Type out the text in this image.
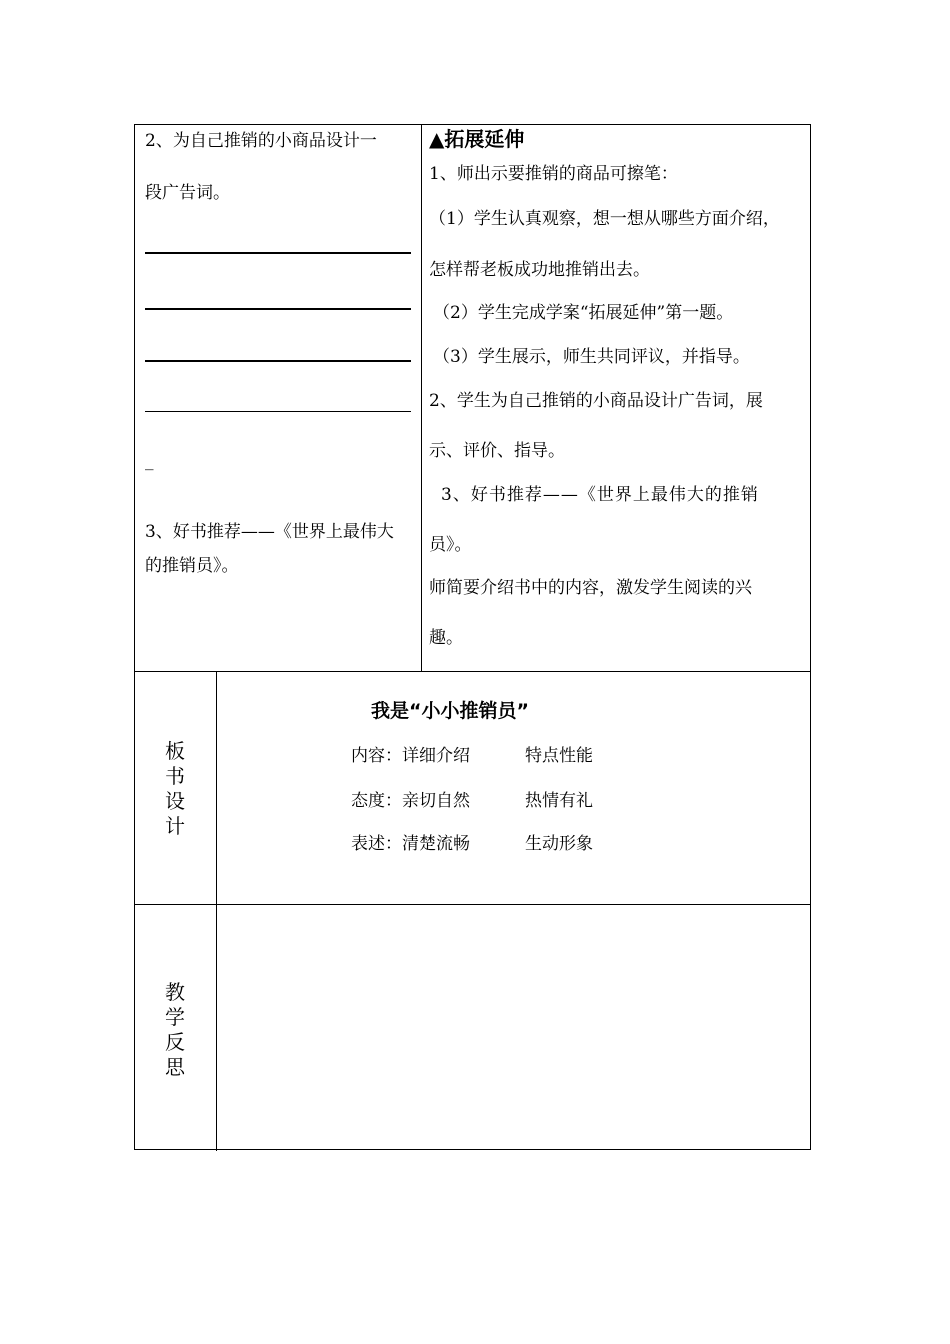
2、为自己推销的小商品设计一
段广告词。
_
3、好书推荐——《世界上最伟大
的推销员》。
▲拓展延伸
1、师出示要推销的商品可擦笔：
（1）学生认真观察，想一想从哪些方面介绍，
怎样帮老板成功地推销出去。
（2）学生完成学案“拓展延伸”第一题。
（3）学生展示，师生共同评议，并指导。
2、学生为自己推销的小商品设计广告词，展
示、评价、指导。
3、好书推荐——《世界上最伟大的推销
员》。
师简要介绍书中的内容，激发学生阅读的兴
趣。
板
书
设
计
我是“小小推销员”
内容：详细介绍	特点性能
态度：亲切自然	热情有礼
表述：清楚流畅	生动形象
教
学
反
思
